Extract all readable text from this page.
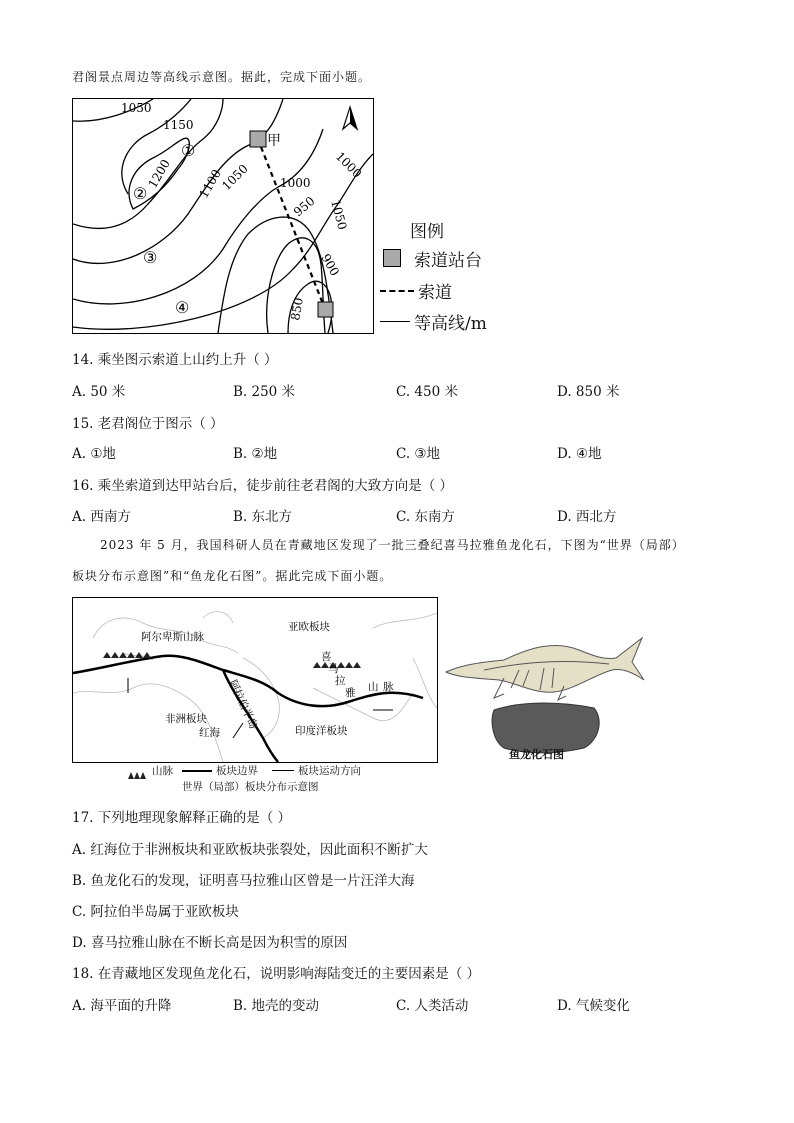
君阁景点周边等高线示意图。据此，完成下面小题。
1050
1150
1200 1100
1050 1000
950
1000
1050
900
850
①
②
③
④
甲
图例
索道站台
索道
等高线/m
14. 乘坐图示索道上山约上升（ ）
A. 50 米	B. 250 米	C. 450 米	D. 850 米
15. 老君阁位于图示（ ）
A. ①地	B. ②地	C. ③地	D. ④地
16. 乘坐索道到达甲站台后，徒步前往老君阁的大致方向是（ ）
A. 西南方	B. 东北方	C. 东南方	D. 西北方
2023 年 5 月，我国科研人员在青藏地区发现了一批三叠纪喜马拉雅鱼龙化石，下图为“世界（局部）
板块分布示意图”和“鱼龙化石图”。据此完成下面小题。
阿尔卑斯山脉
亚欧板块
喜
马
拉
雅 山 脉
阿拉伯半岛
非洲板块
红海	印度洋板块
山脉	板块边界	板块运动方向
世界（局部）板块分布示意图
鱼龙化石图
17. 下列地理现象解释正确的是（ ）
A. 红海位于非洲板块和亚欧板块张裂处，因此面积不断扩大
B. 鱼龙化石的发现，证明喜马拉雅山区曾是一片汪洋大海
C. 阿拉伯半岛属于亚欧板块
D. 喜马拉雅山脉在不断长高是因为积雪的原因
18. 在青藏地区发现鱼龙化石，说明影响海陆变迁的主要因素是（ ）
A. 海平面的升降	B. 地壳的变动	C. 人类活动	D. 气候变化
